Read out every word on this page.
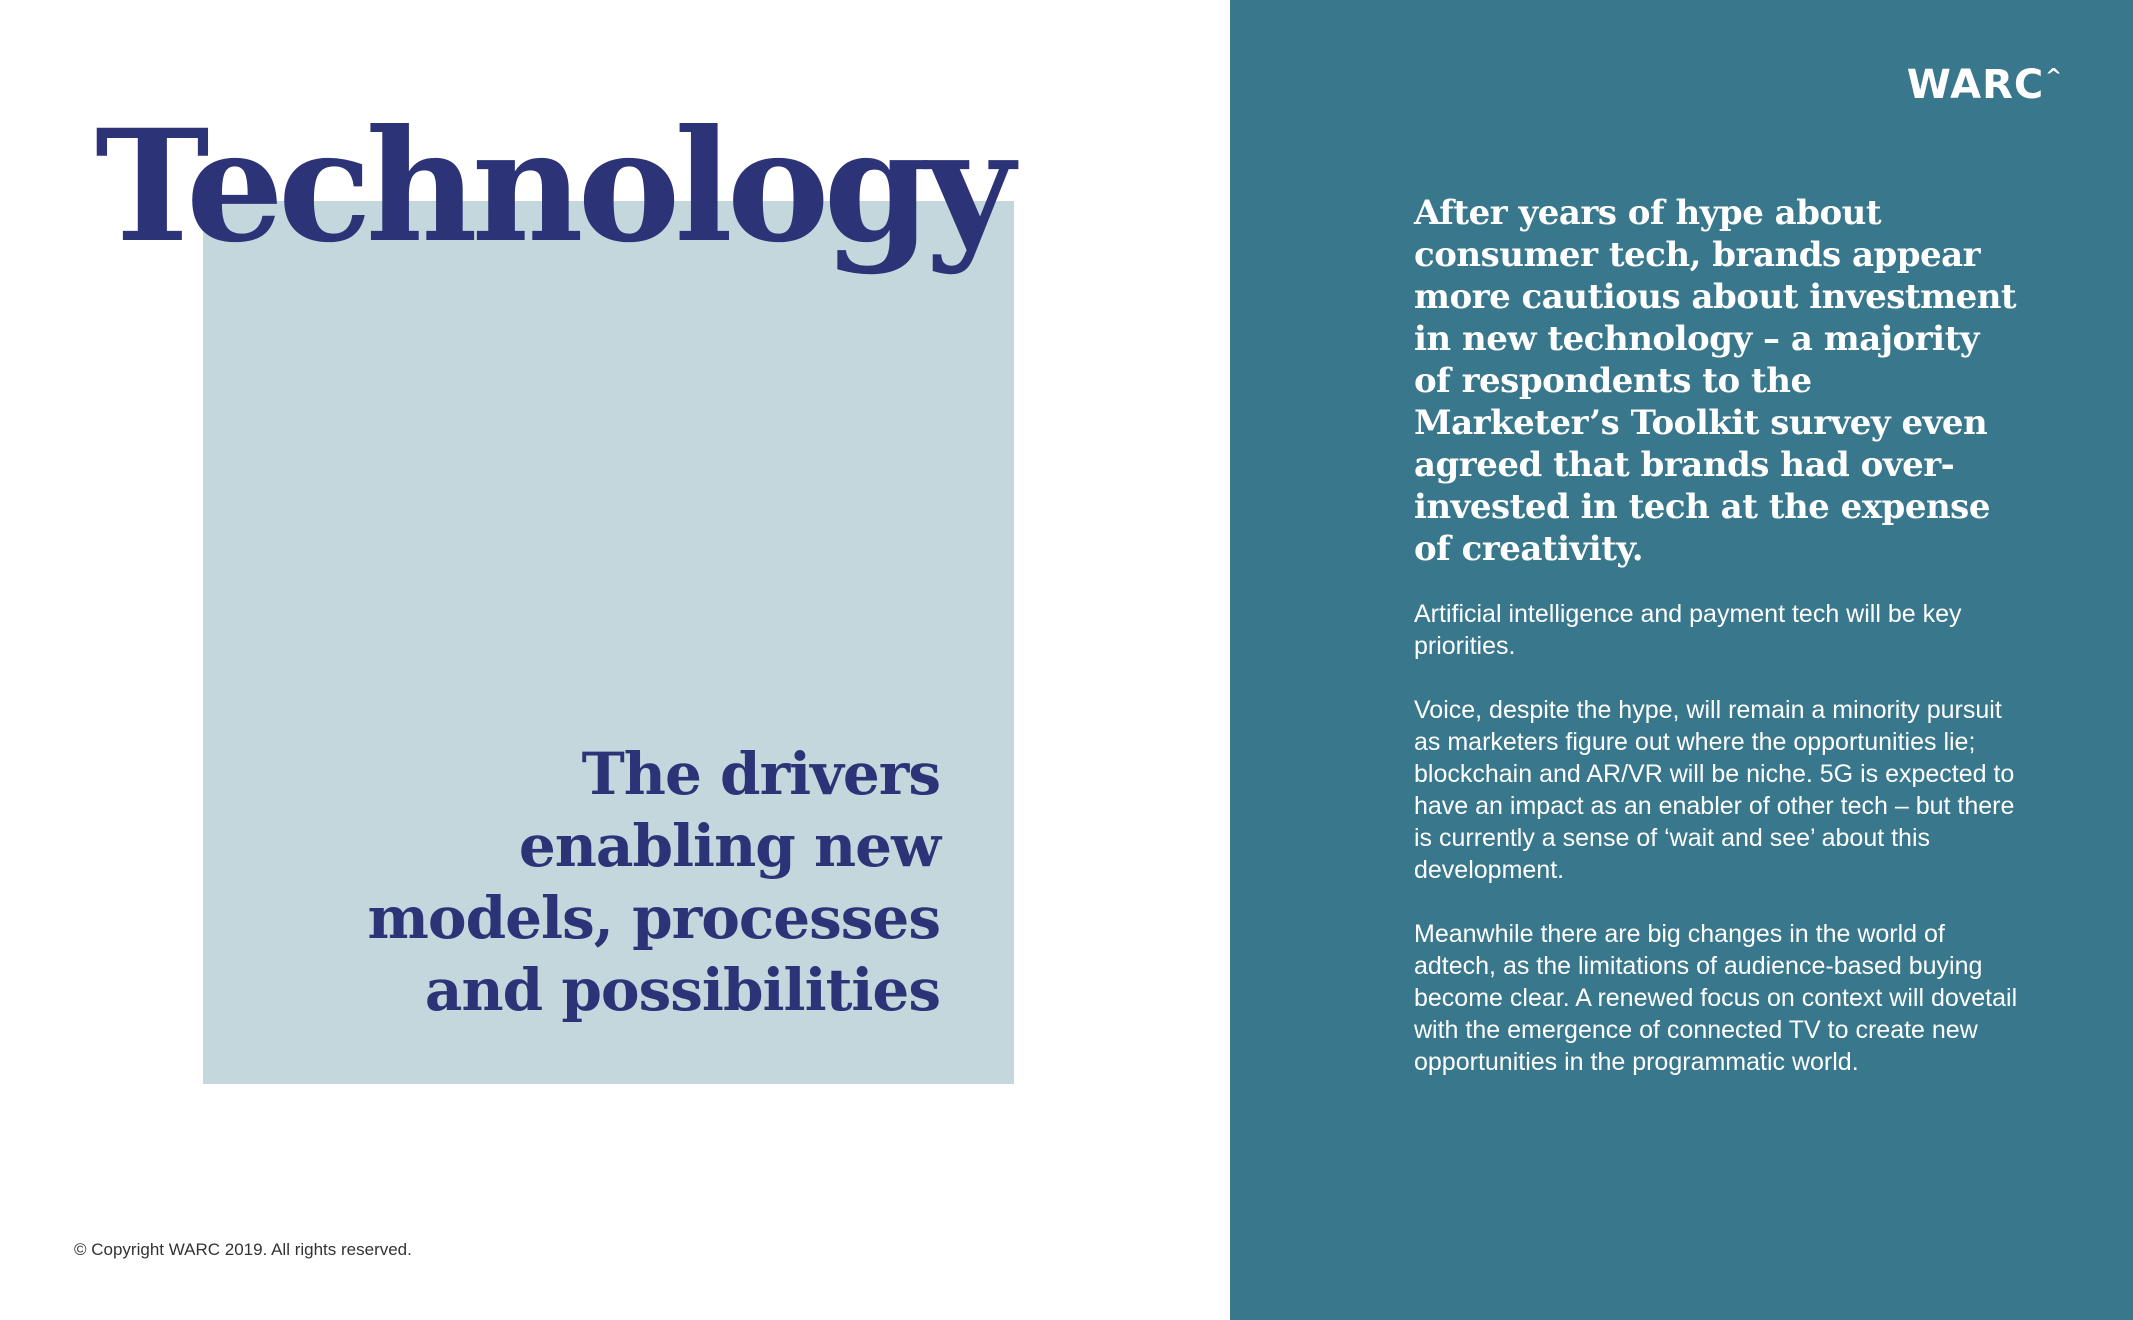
Technology
The drivers
enabling new
models, processes
and possibilities
© Copyright WARC 2019. All rights reserved.
WARC^

After years of hype about consumer tech, brands appear more cautious about investment in new technology – a majority of respondents to the Marketer’s Toolkit survey even agreed that brands had over-invested in tech at the expense of creativity.

Artificial intelligence and payment tech will be key priorities.

Voice, despite the hype, will remain a minority pursuit as marketers figure out where the opportunities lie; blockchain and AR/VR will be niche. 5G is expected to have an impact as an enabler of other tech – but there is currently a sense of ‘wait and see’ about this development.

Meanwhile there are big changes in the world of adtech, as the limitations of audience-based buying become clear. A renewed focus on context will dovetail with the emergence of connected TV to create new opportunities in the programmatic world.
